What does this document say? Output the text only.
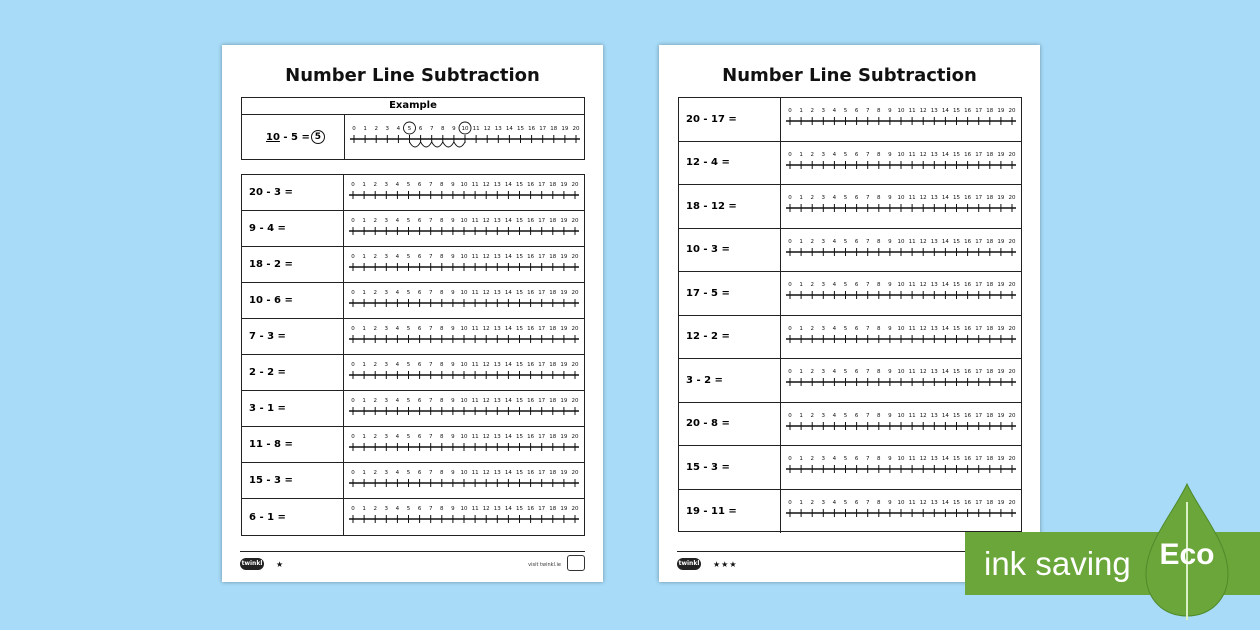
Number Line Subtraction
Example
10 - 5 = 5
0 1 2 3 4 5 6 7 8 9 10 11 12 13 14 15 16 17 18 19 20
20 - 3 =
0 1 2 3 4 5 6 7 8 9 10 11 12 13 14 15 16 17 18 19 20
9 - 4 =
0 1 2 3 4 5 6 7 8 9 10 11 12 13 14 15 16 17 18 19 20
18 - 2 =
0 1 2 3 4 5 6 7 8 9 10 11 12 13 14 15 16 17 18 19 20
10 - 6 =
0 1 2 3 4 5 6 7 8 9 10 11 12 13 14 15 16 17 18 19 20
7 - 3 =
0 1 2 3 4 5 6 7 8 9 10 11 12 13 14 15 16 17 18 19 20
2 - 2 =
0 1 2 3 4 5 6 7 8 9 10 11 12 13 14 15 16 17 18 19 20
3 - 1 =
0 1 2 3 4 5 6 7 8 9 10 11 12 13 14 15 16 17 18 19 20
11 - 8 =
0 1 2 3 4 5 6 7 8 9 10 11 12 13 14 15 16 17 18 19 20
15 - 3 =
0 1 2 3 4 5 6 7 8 9 10 11 12 13 14 15 16 17 18 19 20
6 - 1 =
0 1 2 3 4 5 6 7 8 9 10 11 12 13 14 15 16 17 18 19 20
twinkl ★	visit twinkl.ie
Number Line Subtraction
20 - 17 =
0 1 2 3 4 5 6 7 8 9 10 11 12 13 14 15 16 17 18 19 20
12 - 4 =
0 1 2 3 4 5 6 7 8 9 10 11 12 13 14 15 16 17 18 19 20
18 - 12 =
0 1 2 3 4 5 6 7 8 9 10 11 12 13 14 15 16 17 18 19 20
10 - 3 =
0 1 2 3 4 5 6 7 8 9 10 11 12 13 14 15 16 17 18 19 20
17 - 5 =
0 1 2 3 4 5 6 7 8 9 10 11 12 13 14 15 16 17 18 19 20
12 - 2 =
0 1 2 3 4 5 6 7 8 9 10 11 12 13 14 15 16 17 18 19 20
3 - 2 =
0 1 2 3 4 5 6 7 8 9 10 11 12 13 14 15 16 17 18 19 20
20 - 8 =
0 1 2 3 4 5 6 7 8 9 10 11 12 13 14 15 16 17 18 19 20
15 - 3 =
0 1 2 3 4 5 6 7 8 9 10 11 12 13 14 15 16 17 18 19 20
19 - 11 =
0 1 2 3 4 5 6 7 8 9 10 11 12 13 14 15 16 17 18 19 20
twinkl ★★★	ink saving Eco
